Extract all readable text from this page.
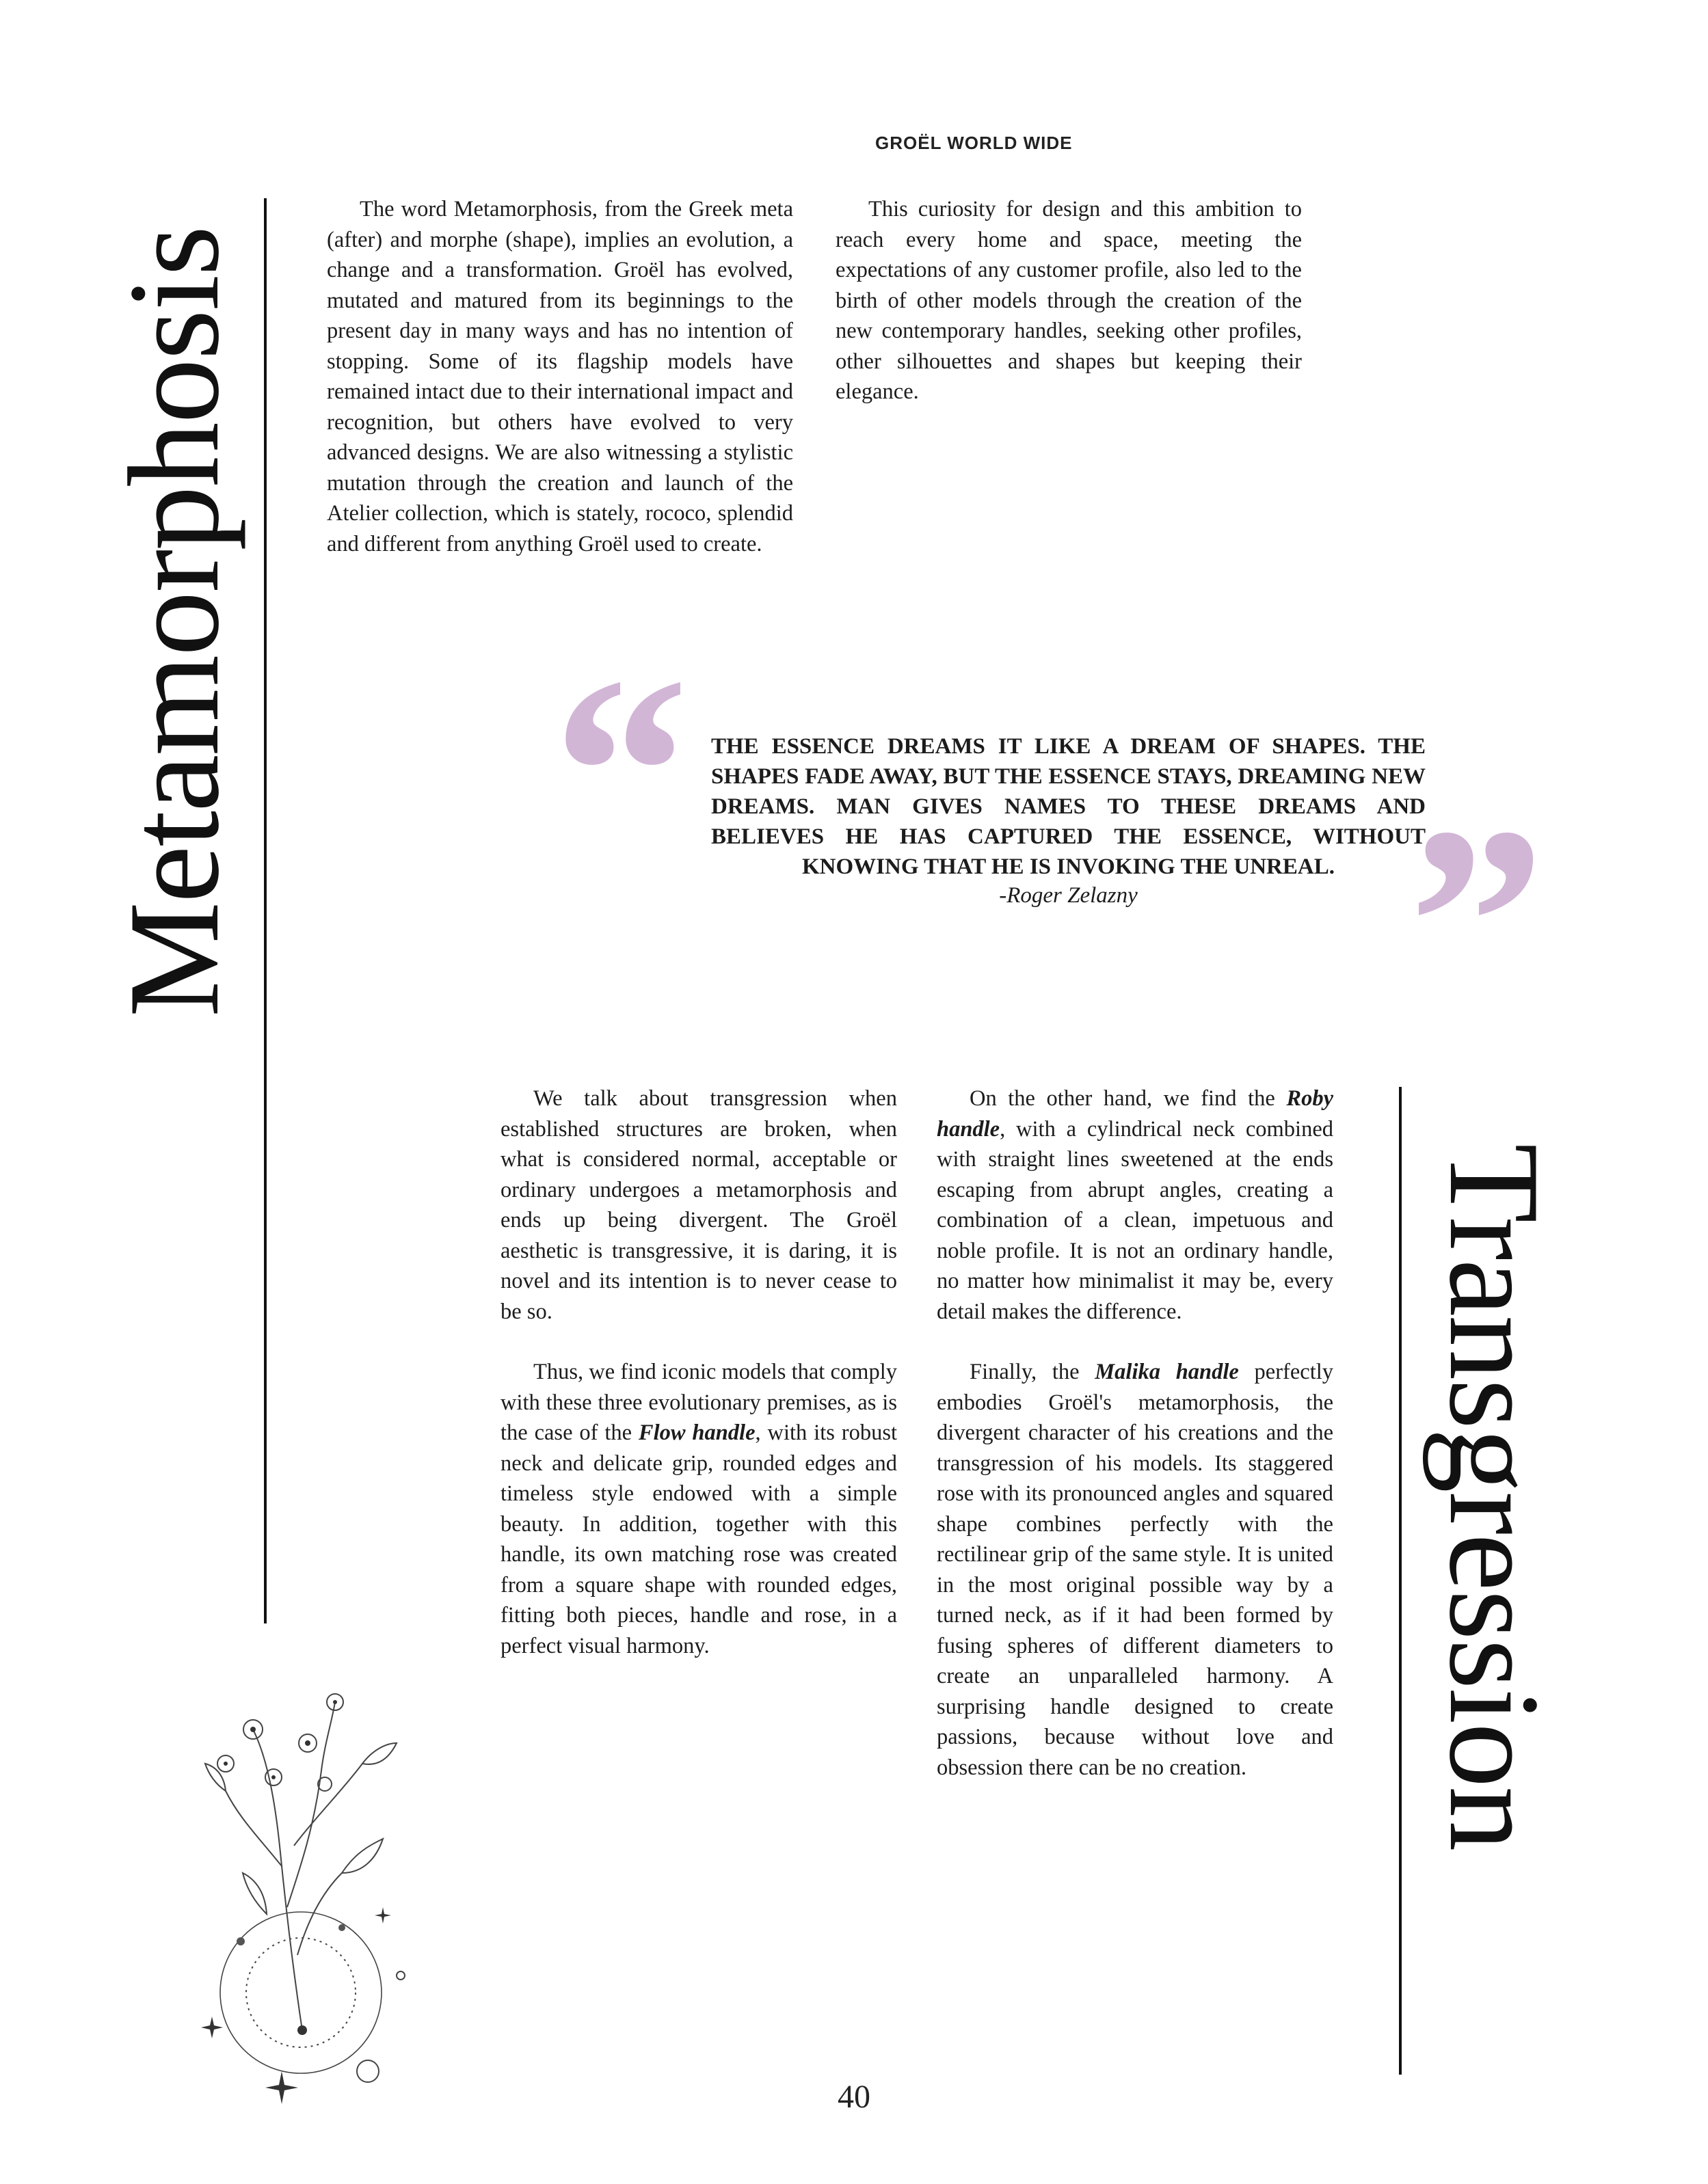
GROËL WORLD WIDE
Metamorphosis

The word Metamorphosis, from the Greek meta (after) and morphe (shape), implies an evolution, a change and a transformation. Groël has evolved, mutated and matured from its beginnings to the present day in many ways and has no intention of stopping. Some of its flagship models have remained intact due to their international impact and recognition, but others have evolved to very advanced designs. We are also witnessing a stylistic mutation through the creation and launch of the Atelier collection, which is stately, rococo, splendid and different from anything Groël used to create.

This curiosity for design and this ambition to reach every home and space, meeting the expectations of any customer profile, also led to the birth of other models through the creation of the new contemporary handles, seeking other profiles, other silhouettes and shapes but keeping their elegance.

“ THE ESSENCE DREAMS IT LIKE A DREAM OF SHAPES. THE SHAPES FADE AWAY, BUT THE ESSENCE STAYS, DREAMING NEW DREAMS. MAN GIVES NAMES TO THESE DREAMS AND BELIEVES HE HAS CAPTURED THE ESSENCE, WITHOUT KNOWING THAT HE IS INVOKING THE UNREAL.
-Roger Zelazny ”

We talk about transgression when established structures are broken, when what is considered normal, acceptable or ordinary undergoes a metamorphosis and ends up being divergent. The Groël aesthetic is transgressive, it is daring, it is novel and its intention is to never cease to be so.

Thus, we find iconic models that comply with these three evolutionary premises, as is the case of the Flow handle, with its robust neck and delicate grip, rounded edges and timeless style endowed with a simple beauty. In addition, together with this handle, its own matching rose was created from a square shape with rounded edges, fitting both pieces, handle and rose, in a perfect visual harmony.

On the other hand, we find the Roby handle, with a cylindrical neck combined with straight lines sweetened at the ends escaping from abrupt angles, creating a combination of a clean, impetuous and noble profile. It is not an ordinary handle, no matter how minimalist it may be, every detail makes the difference.

Finally, the Malika handle perfectly embodies Groël's metamorphosis, the divergent character of his creations and the transgression of his models. Its staggered rose with its pronounced angles and squared shape combines perfectly with the rectilinear grip of the same style. It is united in the most original possible way by a turned neck, as if it had been formed by fusing spheres of different diameters to create an unparalleled harmony. A surprising handle designed to create passions, because without love and obsession there can be no creation.	Transgression
40
